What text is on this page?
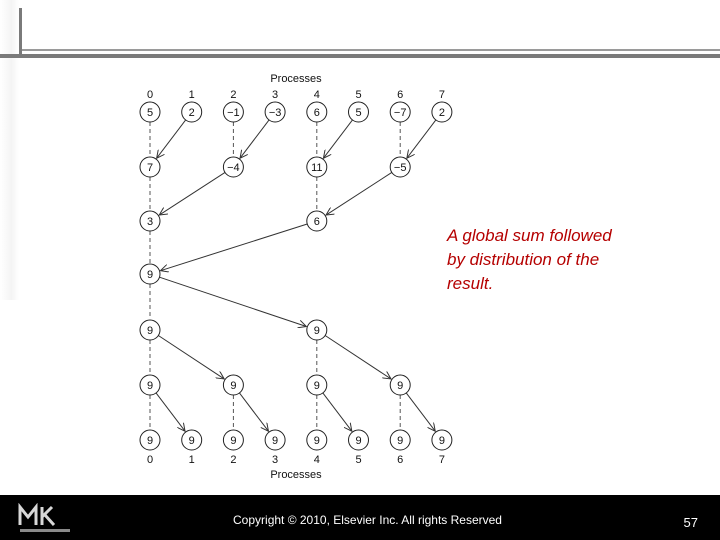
5	2	−1	−3	6	5	−7	2
7	−4	11	−5
3	6
9
9	9
9	9	9	9
9	9	9	9	9	9	9	9
Processes
Processes
0	1	2	3	4	5	6	7
0	1	2	3	4	5	6	7
A global sum followed
by distribution of the
result.
Copyright © 2010, Elsevier Inc. All rights Reserved	57
